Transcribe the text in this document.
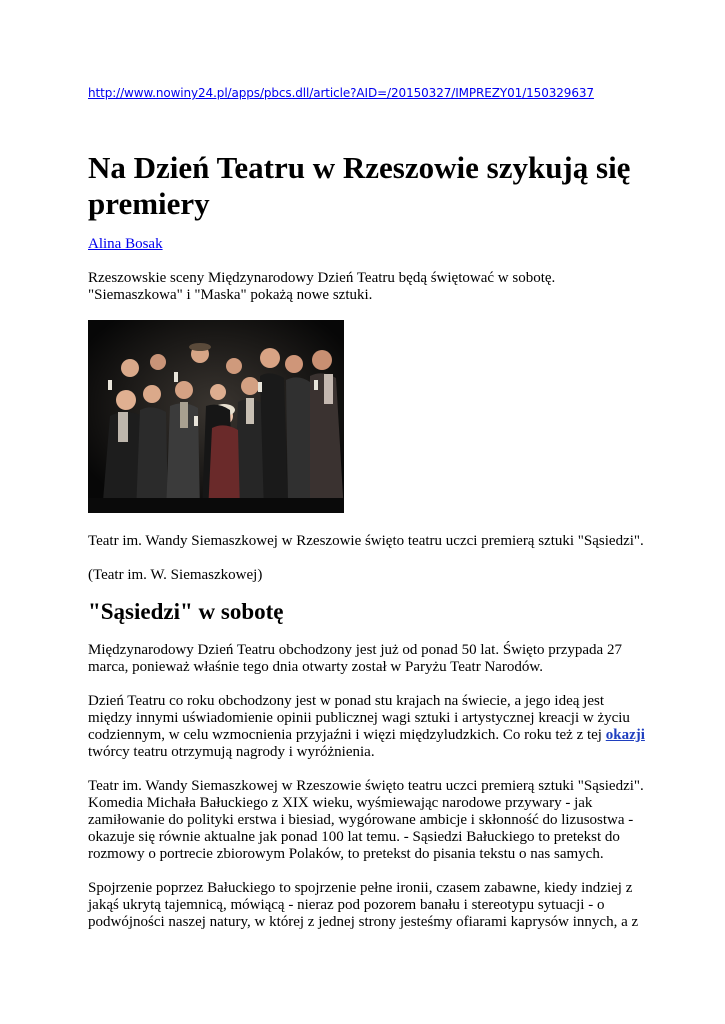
http://www.nowiny24.pl/apps/pbcs.dll/article?AID=/20150327/IMPREZY01/150329637
Na Dzień Teatru w Rzeszowie szykują się premiery
Alina Bosak

Rzeszowskie sceny Międzynarodowy Dzień Teatru będą świętować w sobotę. "Siemaszkowa" i "Maska" pokażą nowe sztuki.

Teatr im. Wandy Siemaszkowej w Rzeszowie święto teatru uczci premierą sztuki "Sąsiedzi".

(Teatr im. W. Siemaszkowej)

"Sąsiedzi" w sobotę

Międzynarodowy Dzień Teatru obchodzony jest już od ponad 50 lat. Święto przypada 27 marca, ponieważ właśnie tego dnia otwarty został w Paryżu Teatr Narodów.

Dzień Teatru co roku obchodzony jest w ponad stu krajach na świecie, a jego ideą jest między innymi uświadomienie opinii publicznej wagi sztuki i artystycznej kreacji w życiu codziennym, w celu wzmocnienia przyjaźni i więzi międzyludzkich. Co roku też z tej okazji twórcy teatru otrzymują nagrody i wyróżnienia.

Teatr im. Wandy Siemaszkowej w Rzeszowie święto teatru uczci premierą sztuki "Sąsiedzi". Komedia Michała Bałuckiego z XIX wieku, wyśmiewając narodowe przywary - jak zamiłowanie do polityki erstwa i biesiad, wygórowane ambicje i skłonność do lizusostwa - okazuje się równie aktualne jak ponad 100 lat temu. - Sąsiedzi Bałuckiego to pretekst do rozmowy o portrecie zbiorowym Polaków, to pretekst do pisania tekstu o nas samych.

Spojrzenie poprzez Bałuckiego to spojrzenie pełne ironii, czasem zabawne, kiedy indziej z jakąś ukrytą tajemnicą, mówiącą - nieraz pod pozorem banału i stereotypu sytuacji - o podwójności naszej natury, w której z jednej strony jesteśmy ofiarami kaprysów innych, a z
